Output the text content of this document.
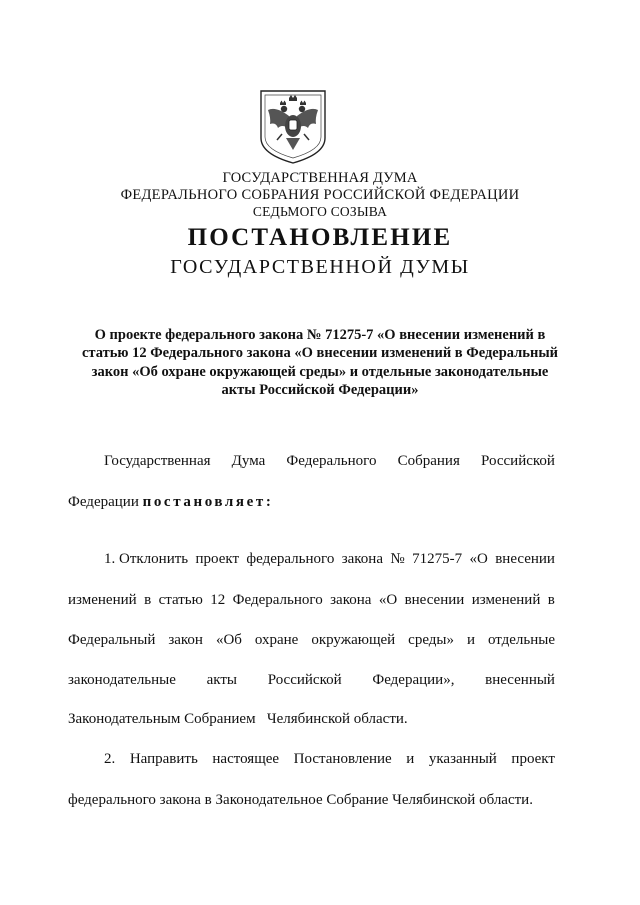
ГОСУДАРСТВЕННАЯ ДУМА
ФЕДЕРАЛЬНОГО СОБРАНИЯ РОССИЙСКОЙ ФЕДЕРАЦИИ
СЕДЬМОГО СОЗЫВА
ПОСТАНОВЛЕНИЕ
ГОСУДАРСТВЕННОЙ ДУМЫ
О проекте федерального закона № 71275-7 «О внесении изменений в
статью 12 Федерального закона «О внесении изменений в Федеральный
закон «Об охране окружающей среды» и отдельные законодательные
акты Российской Федерации»
Государственная Дума Федерального Собрания Российской
Федерации постановляет:
1. Отклонить проект федерального закона № 71275-7 «О внесении
изменений в статью 12 Федерального закона «О внесении изменений в
Федеральный закон «Об охране окружающей среды» и отдельные
законодательные акты Российской Федерации», внесенный
Законодательным Собранием   Челябинской области.
2. Направить настоящее Постановление и указанный проект
федерального закона в Законодательное Собрание Челябинской области.
